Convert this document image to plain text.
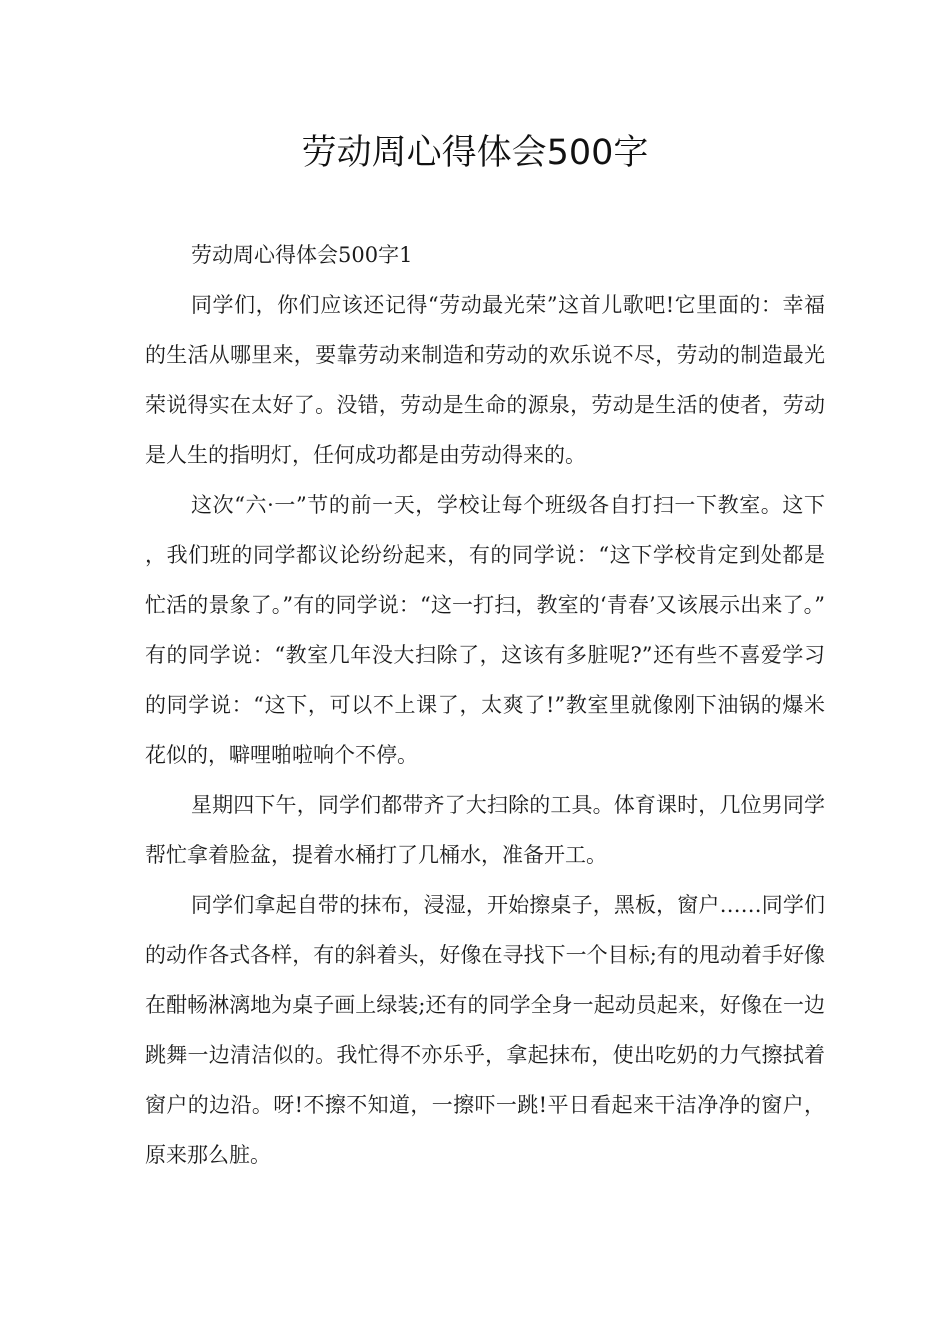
劳动周心得体会500字

劳动周心得体会500字1

同学们，你们应该还记得“劳动最光荣”这首儿歌吧!它里面的：幸福的生活从哪里来，要靠劳动来制造和劳动的欢乐说不尽，劳动的制造最光荣说得实在太好了。没错，劳动是生命的源泉，劳动是生活的使者，劳动是人生的指明灯，任何成功都是由劳动得来的。

这次“六·一”节的前一天，学校让每个班级各自打扫一下教室。这下，我们班的同学都议论纷纷起来，有的同学说：“这下学校肯定到处都是忙活的景象了。”有的同学说：“这一打扫，教室的‘青春’又该展示出来了。”有的同学说：“教室几年没大扫除了，这该有多脏呢?”还有些不喜爱学习的同学说：“这下，可以不上课了，太爽了!”教室里就像刚下油锅的爆米花似的，噼哩啪啦响个不停。

星期四下午，同学们都带齐了大扫除的工具。体育课时，几位男同学帮忙拿着脸盆，提着水桶打了几桶水，准备开工。

同学们拿起自带的抹布，浸湿，开始擦桌子，黑板，窗户……同学们的动作各式各样，有的斜着头，好像在寻找下一个目标;有的甩动着手好像在酣畅淋漓地为桌子画上绿装;还有的同学全身一起动员起来，好像在一边跳舞一边清洁似的。我忙得不亦乐乎，拿起抹布，使出吃奶的力气擦拭着窗户的边沿。呀!不擦不知道，一擦吓一跳!平日看起来干洁净净的窗户，原来那么脏。
